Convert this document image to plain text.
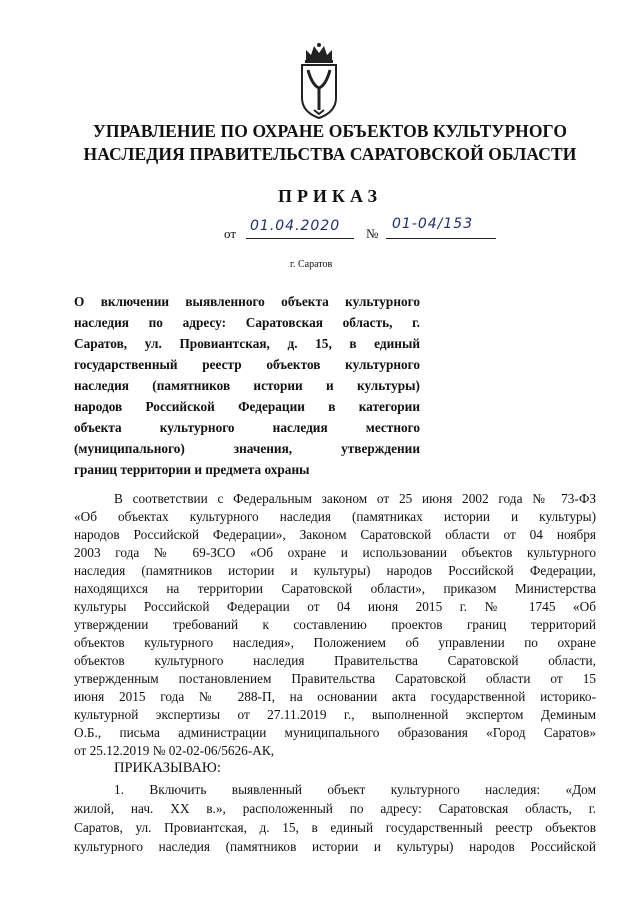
УПРАВЛЕНИЕ ПО ОХРАНЕ ОБЪЕКТОВ КУЛЬТУРНОГО
НАСЛЕДИЯ ПРАВИТЕЛЬСТВА САРАТОВСКОЙ ОБЛАСТИ
ПРИКАЗ
от 01.04.2020	№
01-04/153
г. Саратов
О включении выявленного объекта культурного
наследия по адресу: Саратовская область, г.
Саратов, ул. Провиантская, д. 15, в единый
государственный реестр объектов культурного
наследия (памятников истории и культуры)
народов Российской Федерации в категории
объекта культурного наследия местного
(муниципального) значения, утверждении
границ территории и предмета охраны
В соответствии с Федеральным законом от 25 июня 2002 года № 73-ФЗ
«Об объектах культурного наследия (памятниках истории и культуры)
народов Российской Федерации», Законом Саратовской области от 04 ноября
2003 года № 69-ЗСО «Об охране и использовании объектов культурного
наследия (памятников истории и культуры) народов Российской Федерации,
находящихся на территории Саратовской области», приказом Министерства
культуры Российской Федерации от 04 июня 2015 г. № 1745 «Об
утверждении требований к составлению проектов границ территорий
объектов культурного наследия», Положением об управлении по охране
объектов культурного наследия Правительства Саратовской области,
утвержденным постановлением Правительства Саратовской области от 15
июня 2015 года № 288-П, на основании акта государственной историко-
культурной экспертизы от 27.11.2019 г., выполненной экспертом Деминым
О.Б., письма администрации муниципального образования «Город Саратов»
от 25.12.2019 № 02-02-06/5626-АК,
ПРИКАЗЫВАЮ:
1. Включить выявленный объект культурного наследия: «Дом
жилой, нач. XX в.», расположенный по адресу: Саратовская область, г.
Саратов, ул. Провиантская, д. 15, в единый государственный реестр объектов
культурного наследия (памятников истории и культуры) народов Российской
